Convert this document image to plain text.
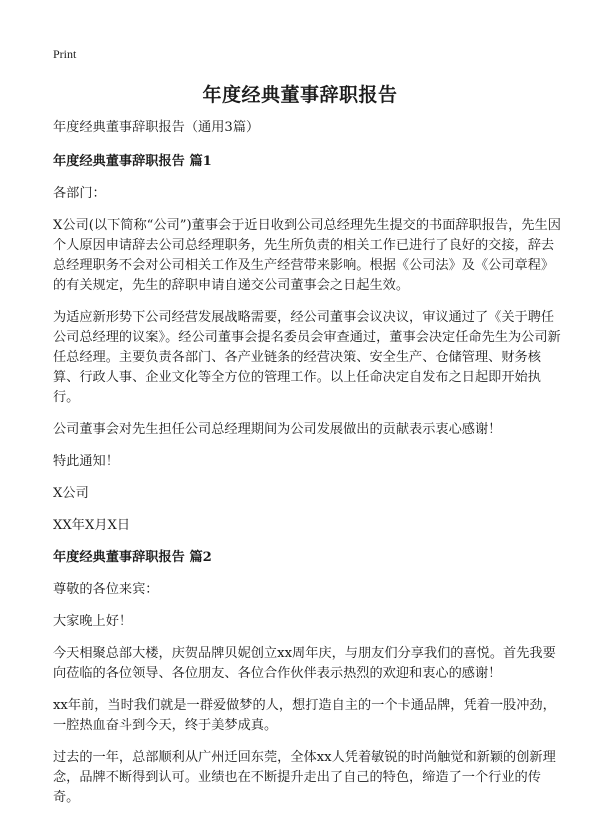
Print
年度经典董事辞职报告

年度经典董事辞职报告（通用3篇）

年度经典董事辞职报告 篇1

各部门：

X公司(以下简称“公司”)董事会于近日收到公司总经理先生提交的书面辞职报告，先生因个人原因申请辞去公司总经理职务，先生所负责的相关工作已进行了良好的交接，辞去总经理职务不会对公司相关工作及生产经营带来影响。根据《公司法》及《公司章程》的有关规定，先生的辞职申请自递交公司董事会之日起生效。

为适应新形势下公司经营发展战略需要，经公司董事会议决议，审议通过了《关于聘任公司总经理的议案》。经公司董事会提名委员会审查通过，董事会决定任命先生为公司新任总经理。主要负责各部门、各产业链条的经营决策、安全生产、仓储管理、财务核算、行政人事、企业文化等全方位的管理工作。以上任命决定自发布之日起即开始执行。

公司董事会对先生担任公司总经理期间为公司发展做出的贡献表示衷心感谢！

特此通知！

X公司

XX年X月X日

年度经典董事辞职报告 篇2

尊敬的各位来宾：

大家晚上好！

今天相聚总部大楼，庆贺品牌贝妮创立xx周年庆，与朋友们分享我们的喜悦。首先我要向莅临的各位领导、各位朋友、各位合作伙伴表示热烈的欢迎和衷心的感谢！

xx年前，当时我们就是一群爱做梦的人，想打造自主的一个卡通品牌，凭着一股冲劲，一腔热血奋斗到今天，终于美梦成真。

过去的一年，总部顺利从广州迁回东莞，全体xx人凭着敏锐的时尚触觉和新颖的创新理念，品牌不断得到认可。业绩也在不断提升走出了自己的特色，缔造了一个行业的传奇。
